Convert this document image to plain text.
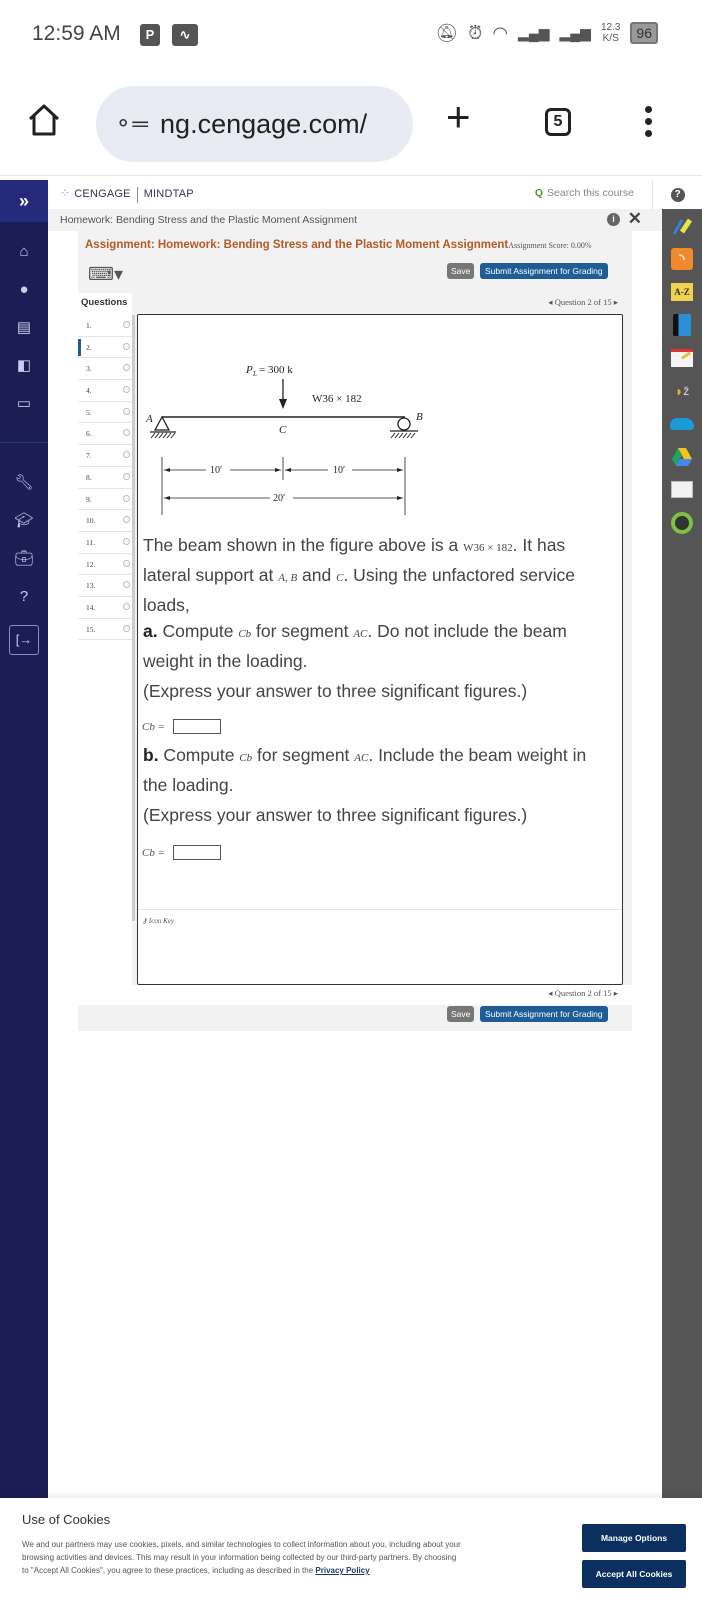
12:59 AM	P	∿	🔕︎ ⏰︎ ◠ ▂▄▆ ▂▄▆ 12.3
K/S	96
⚬═ ng.cengage.com/ +	5
»
⌂
●
▤
◧
▭
🔧︎
🎓︎
💼︎
?
[→
⁘ CENGAGE MINDTAP	Q Search this course	?
Homework: Bending Stress and the Plastic Moment Assignment	i ✕
◝
A-Z
◗ ž
Assignment: Homework: Bending Stress and the Plastic Moment AssignmentAssignment Score: 0.00%
⌨▾	Save	Submit Assignment for Grading
Questions
1.
2.
3.
4.
5.
6.
7.
8.
9.
10.
11.
12.
13.
14.
15.
◂ Question 2 of 15 ▸
P L = 300 k
W36 × 182
A
C
B
10′	10′
20′
The beam shown in the figure above is a W36 × 182. It has lateral support at A, B and C. Using the unfactored service loads,
a. Compute Cb for segment AC. Do not include the beam weight in the loading.
(Express your answer to three significant figures.)
Cb =
b. Compute Cb for segment AC. Include the beam weight in the loading.
(Express your answer to three significant figures.)
Cb =
⚷ Icon Key
◂ Question 2 of 15 ▸
Save	Submit Assignment for Grading
Use of Cookies
We and our partners may use cookies, pixels, and similar technologies to collect information about you, including about your browsing activities and devices. This may result in your information being collected by our third-party partners. By choosing to "Accept All Cookies", you agree to these practices, including as described in the Privacy Policy
Manage Options
Accept All Cookies
